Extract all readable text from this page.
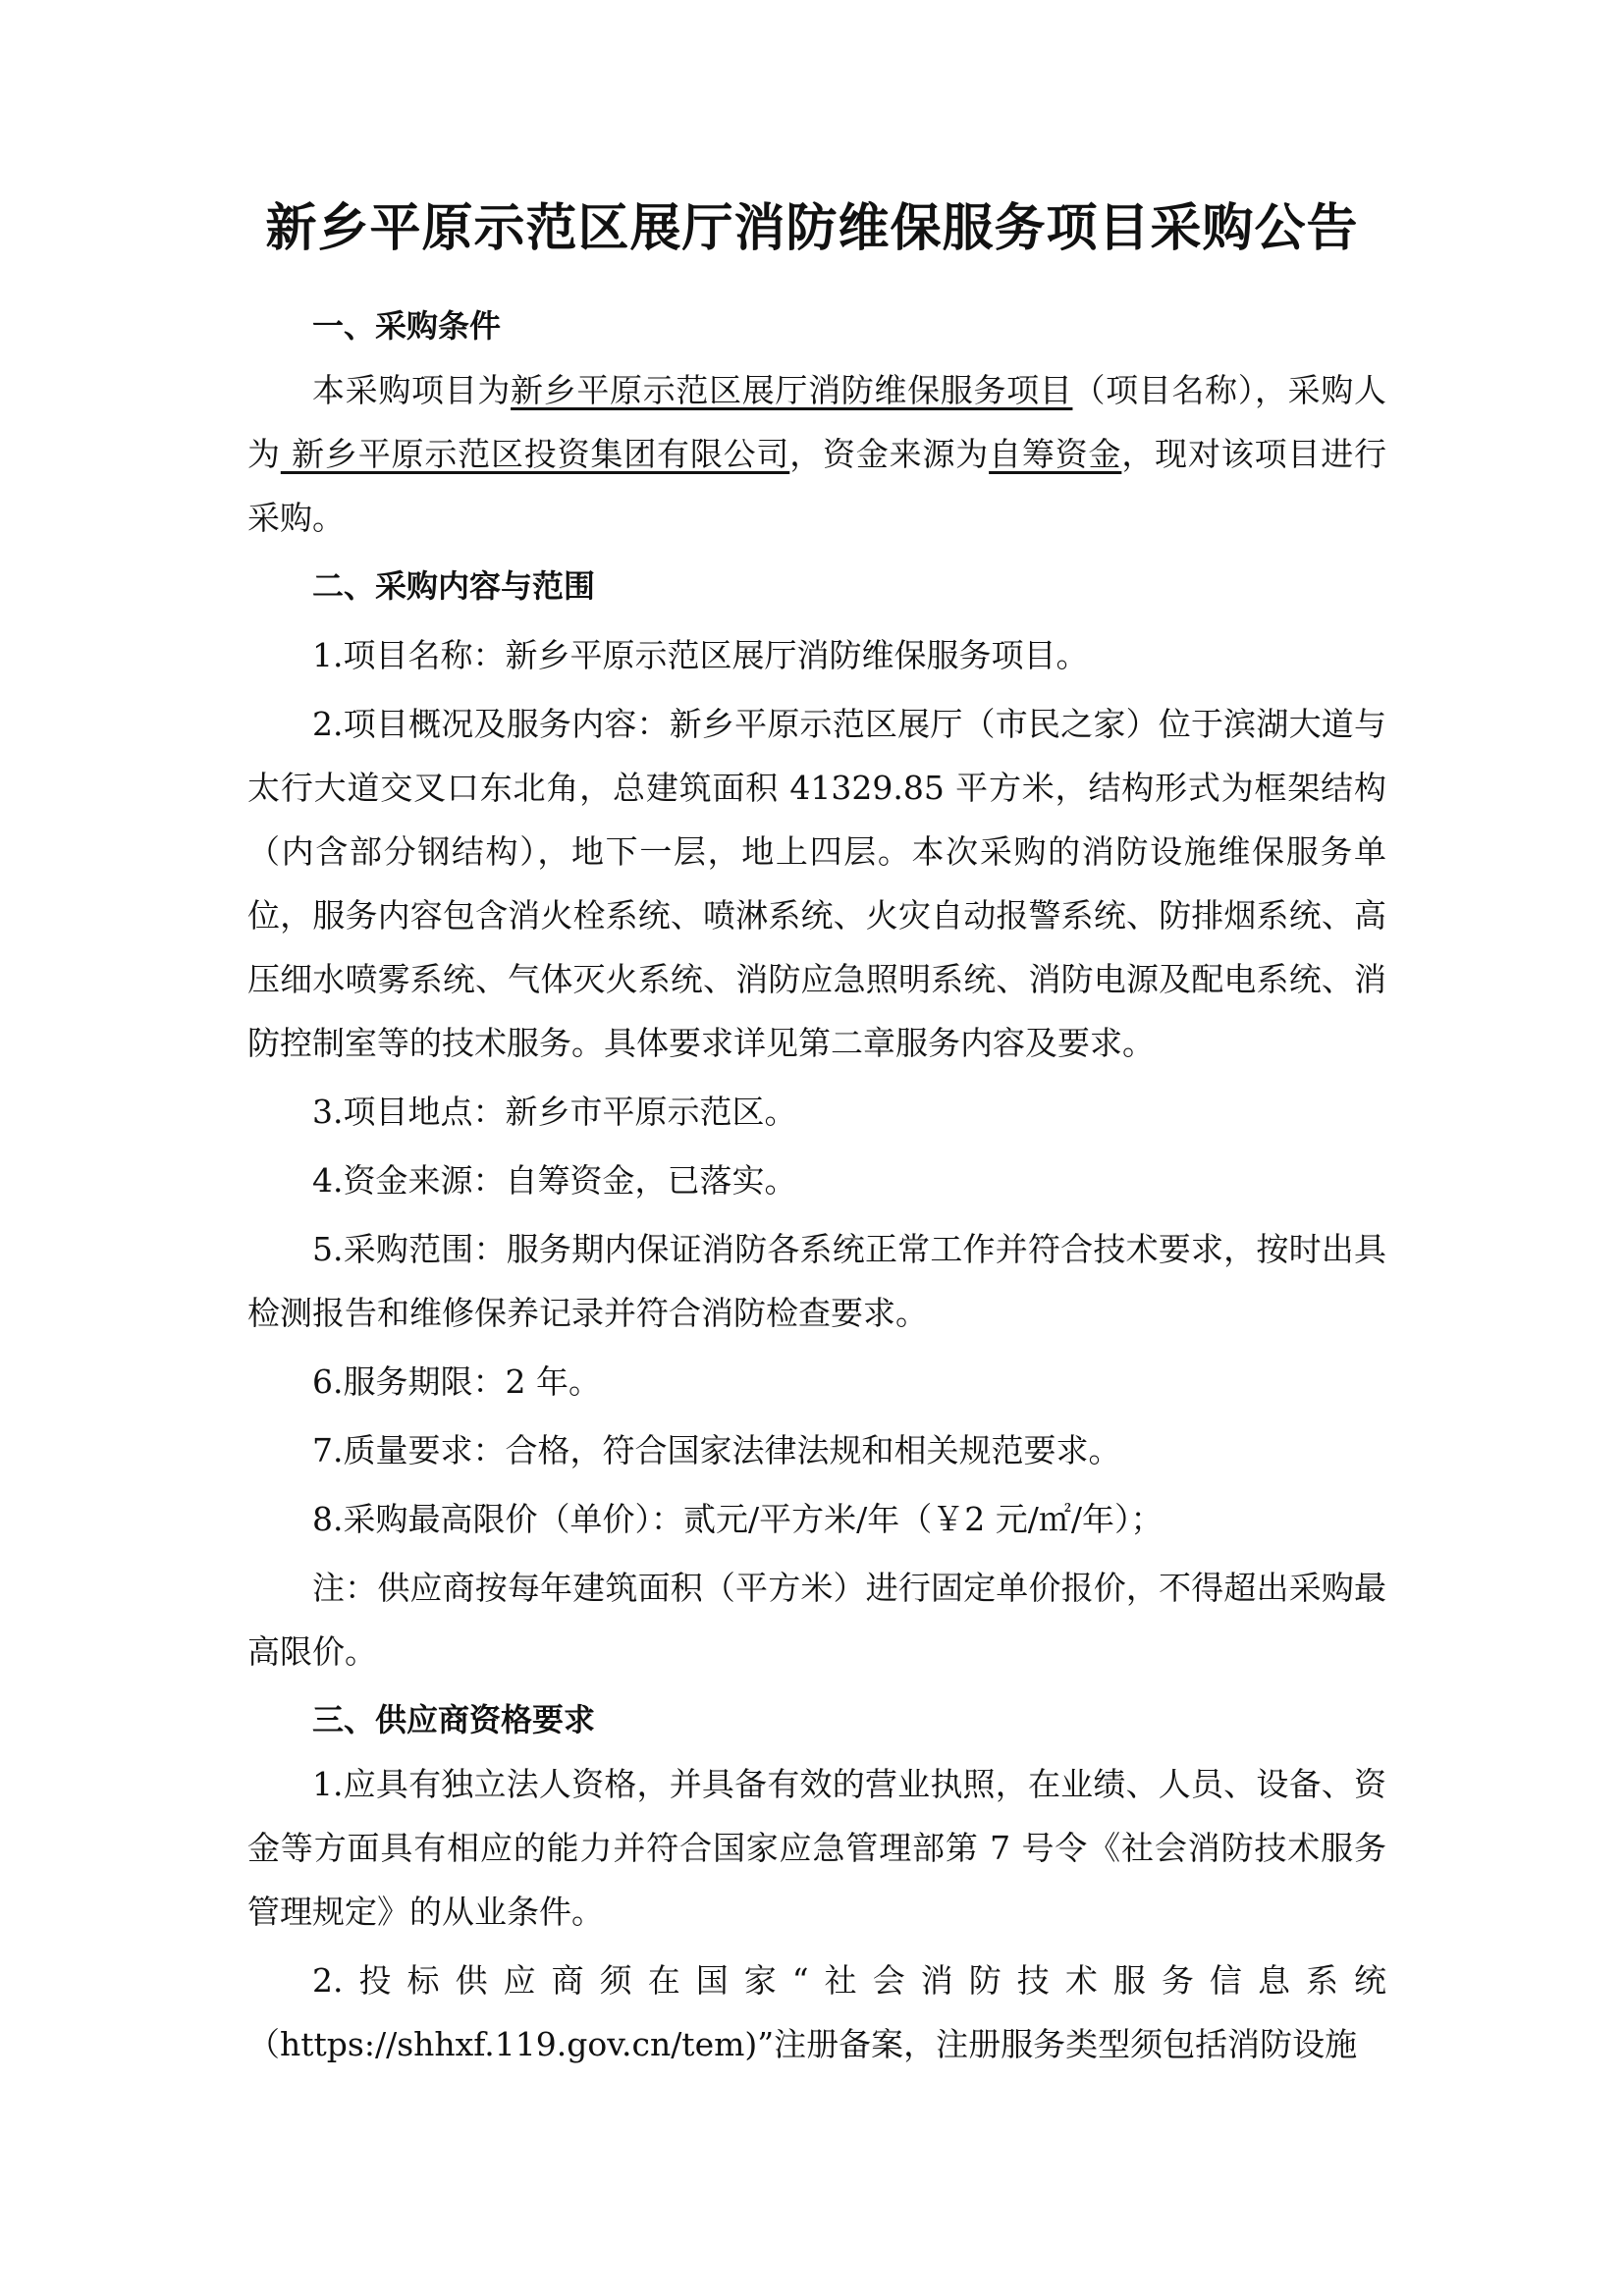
新乡平原示范区展厅消防维保服务项目采购公告

一、采购条件

本采购项目为新乡平原示范区展厅消防维保服务项目（项目名称），采购人为 新乡平原示范区投资集团有限公司，资金来源为自筹资金，现对该项目进行采购。

二、采购内容与范围

1.项目名称：新乡平原示范区展厅消防维保服务项目。

2.项目概况及服务内容：新乡平原示范区展厅（市民之家）位于滨湖大道与太行大道交叉口东北角，总建筑面积 41329.85 平方米，结构形式为框架结构（内含部分钢结构），地下一层，地上四层。本次采购的消防设施维保服务单位，服务内容包含消火栓系统、喷淋系统、火灾自动报警系统、防排烟系统、高压细水喷雾系统、气体灭火系统、消防应急照明系统、消防电源及配电系统、消防控制室等的技术服务。具体要求详见第二章服务内容及要求。

3.项目地点：新乡市平原示范区。

4.资金来源：自筹资金，已落实。

5.采购范围：服务期内保证消防各系统正常工作并符合技术要求，按时出具检测报告和维修保养记录并符合消防检查要求。

6.服务期限：2 年。

7.质量要求：合格，符合国家法律法规和相关规范要求。

8.采购最高限价（单价）：贰元/平方米/年（￥2 元/㎡/年）；

注：供应商按每年建筑面积（平方米）进行固定单价报价，不得超出采购最高限价。

三、供应商资格要求

1.应具有独立法人资格，并具备有效的营业执照，在业绩、人员、设备、资金等方面具有相应的能力并符合国家应急管理部第 7 号令《社会消防技术服务管理规定》的从业条件。

2.投标供应商须在国家“社会消防技术服务信息系统（https://shhxf.119.gov.cn/tem)”注册备案，注册服务类型须包括消防设施
